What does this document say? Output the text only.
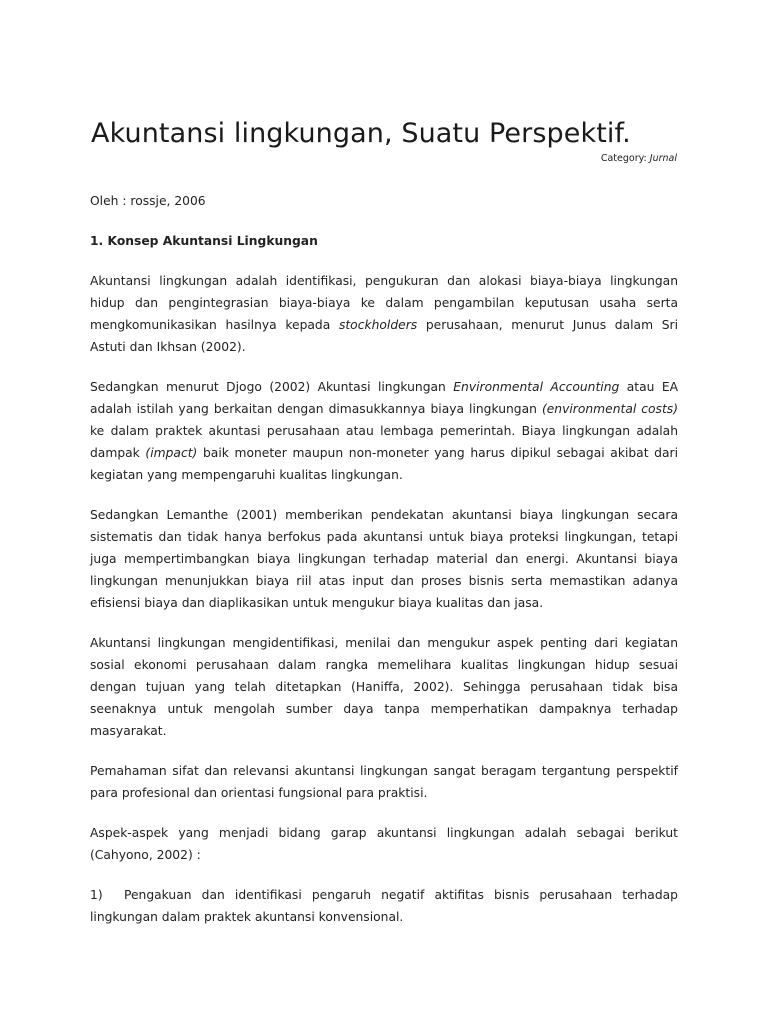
Akuntansi lingkungan, Suatu Perspektif.
Category: Jurnal

Oleh : rossje, 2006

1. Konsep Akuntansi Lingkungan

Akuntansi lingkungan adalah identifikasi, pengukuran dan alokasi biaya-biaya lingkungan hidup dan pengintegrasian biaya-biaya ke dalam pengambilan keputusan usaha serta mengkomunikasikan hasilnya kepada stockholders perusahaan, menurut Junus dalam Sri Astuti dan Ikhsan (2002).

Sedangkan menurut Djogo (2002) Akuntasi lingkungan Environmental Accounting atau EA adalah istilah yang berkaitan dengan dimasukkannya biaya lingkungan (environmental costs) ke dalam praktek akuntasi perusahaan atau lembaga pemerintah. Biaya lingkungan adalah dampak (impact) baik moneter maupun non-moneter yang harus dipikul sebagai akibat dari kegiatan yang mempengaruhi kualitas lingkungan.

Sedangkan Lemanthe (2001) memberikan pendekatan akuntansi biaya lingkungan secara sistematis dan tidak hanya berfokus pada akuntansi untuk biaya proteksi lingkungan, tetapi juga mempertimbangkan biaya lingkungan terhadap material dan energi. Akuntansi biaya lingkungan menunjukkan biaya riil atas input dan proses bisnis serta memastikan adanya efisiensi biaya dan diaplikasikan untuk mengukur biaya kualitas dan jasa.

Akuntansi lingkungan mengidentifikasi, menilai dan mengukur aspek penting dari kegiatan sosial ekonomi perusahaan dalam rangka memelihara kualitas lingkungan hidup sesuai dengan tujuan yang telah ditetapkan (Haniffa, 2002). Sehingga perusahaan tidak bisa seenaknya untuk mengolah sumber daya tanpa memperhatikan dampaknya terhadap masyarakat.

Pemahaman sifat dan relevansi akuntansi lingkungan sangat beragam tergantung perspektif para profesional dan orientasi fungsional para praktisi.

Aspek-aspek yang menjadi bidang garap akuntansi lingkungan adalah sebagai berikut (Cahyono, 2002) :

1) Pengakuan dan identifikasi pengaruh negatif aktifitas bisnis perusahaan terhadap lingkungan dalam praktek akuntansi konvensional.
